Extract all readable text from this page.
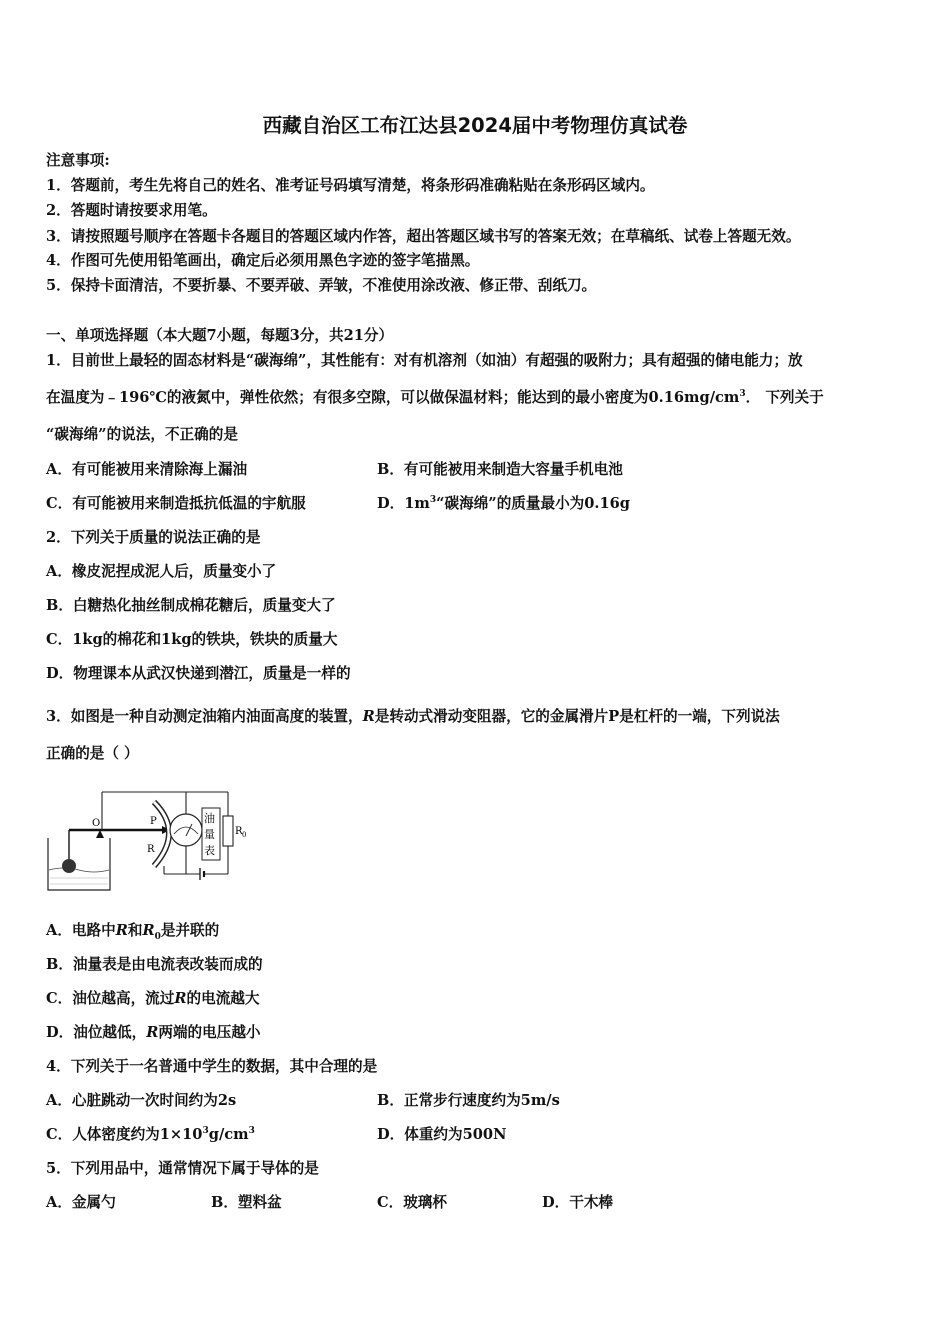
西藏自治区工布江达县2024届中考物理仿真试卷
注意事项:
1．答题前，考生先将自己的姓名、准考证号码填写清楚，将条形码准确粘贴在条形码区域内。
2．答题时请按要求用笔。
3．请按照题号顺序在答题卡各题目的答题区域内作答，超出答题区域书写的答案无效；在草稿纸、试卷上答题无效。
4．作图可先使用铅笔画出，确定后必须用黑色字迹的签字笔描黑。
5．保持卡面清洁，不要折暴、不要弄破、弄皱，不准使用涂改液、修正带、刮纸刀。
一、单项选择题（本大题7小题，每题3分，共21分）
1．目前世上最轻的固态材料是“碳海绵”，其性能有：对有机溶剂（如油）有超强的吸附力；具有超强的储电能力；放
在温度为﹣196℃的液氮中，弹性依然；有很多空隙，可以做保温材料；能达到的最小密度为$0.16mg/cm^3$． 下列关于
“碳海绵”的说法，不正确的是
A．有可能被用来清除海上漏油	B．有可能被用来制造大容量手机电池
C．有可能被用来制造抵抗低温的宇航服	D．$1m^3“$碳海绵”的质量最小为0.16g
2．下列关于质量的说法正确的是
A．橡皮泥捏成泥人后，质量变小了
B．白糖热化抽丝制成棉花糖后，质量变大了
C．1kg的棉花和1kg的铁块，铁块的质量大
D．物理课本从武汉快递到潜江，质量是一样的
3．如图是一种自动测定油箱内油面高度的装置，R是转动式滑动变阻器，它的金属滑片P是杠杆的一端，下列说法
正确的是（ ）
O	P
R
油
量
表
R 0
A．电路中R和$R_0$是并联的
B．油量表是由电流表改装而成的
C．油位越高，流过R的电流越大
D．油位越低，R两端的电压越小
4．下列关于一名普通中学生的数据，其中合理的是
A．心脏跳动一次时间约为2s	B．正常步行速度约为5m/s
C．人体密度约为$1\times 10^3g/cm^3$	D．体重约为500N
5．下列用品中，通常情况下属于导体的是
A．金属勺	B．塑料盆	C．玻璃杯	D．干木棒
